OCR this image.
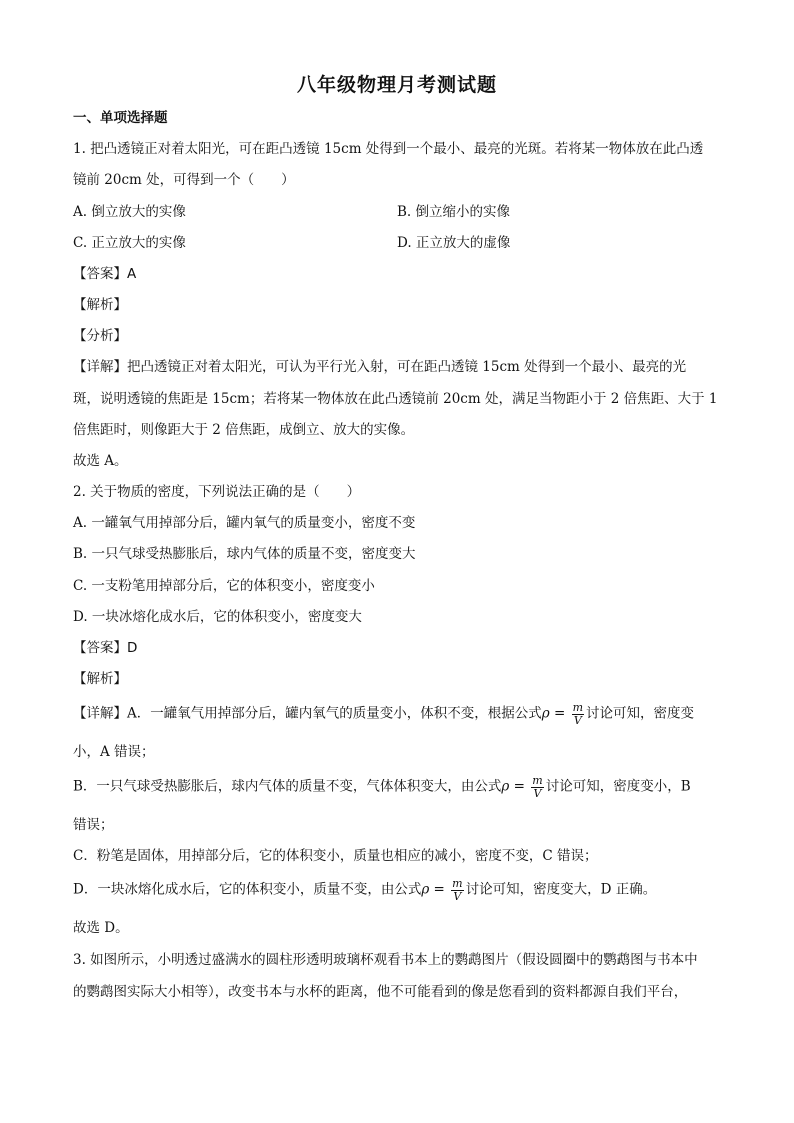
八年级物理月考测试题
一、单项选择题
1. 把凸透镜正对着太阳光，可在距凸透镜 15cm 处得到一个最小、最亮的光斑。若将某一物体放在此凸透
镜前 20cm 处，可得到一个（　　）
A. 倒立放大的实像	B. 倒立缩小的实像
C. 正立放大的实像	D. 正立放大的虚像
【答案】A
【解析】
【分析】
【详解】把凸透镜正对着太阳光，可认为平行光入射，可在距凸透镜 15cm 处得到一个最小、最亮的光
斑，说明透镜的焦距是 15cm；若将某一物体放在此凸透镜前 20cm 处，满足当物距小于 2 倍焦距、大于 1
倍焦距时，则像距大于 2 倍焦距，成倒立、放大的实像。
故选 A。
2. 关于物质的密度，下列说法正确的是（　　）
A. 一罐氧气用掉部分后，罐内氧气的质量变小，密度不变
B. 一只气球受热膨胀后，球内气体的质量不变，密度变大
C. 一支粉笔用掉部分后，它的体积变小，密度变小
D. 一块冰熔化成水后，它的体积变小，密度变大
【答案】D
【解析】
【详解】A．一罐氧气用掉部分后，罐内氧气的质量变小，体积不变，根据公式$\rho = \frac{m}{V}$ 讨论可知，密度变
小，A 错误；
B．一只气球受热膨胀后，球内气体的质量不变，气体体积变大，由公式$\rho = \frac{m}{V}$ 讨论可知，密度变小，B
错误；
C．粉笔是固体，用掉部分后，它的体积变小，质量也相应的减小，密度不变，C 错误；
D．一块冰熔化成水后，它的体积变小，质量不变，由公式$\rho = \frac{m}{V}$ 讨论可知，密度变大，D 正确。
故选 D。
3. 如图所示，小明透过盛满水的圆柱形透明玻璃杯观看书本上的鹦鹉图片（假设圆圈中的鹦鹉图与书本中
的鹦鹉图实际大小相等），改变书本与水杯的距离，他不可能看到的像是您看到的资料都源自我们平台，
